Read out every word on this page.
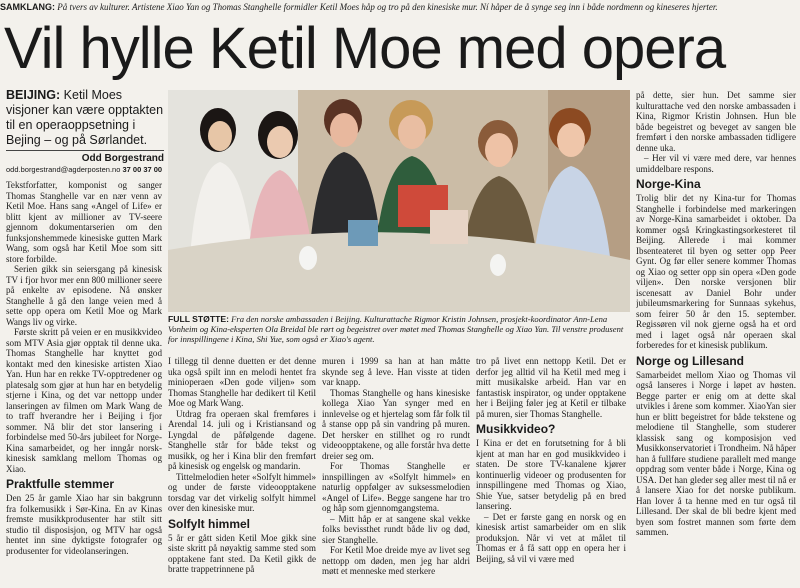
SAMKLANG: På tvers av kulturer. Artistene Xiao Yan og Thomas Stanghelle formidler Ketil Moes håp og tro på den kinesiske mur. Ní håper de å synge seg inn i både nordmenn og kineseres hjerter.
Vil hylle Ketil Moe med opera
BEIJING: Ketil Moes visjoner kan være opptakten til en operaoppsetning i Bejing – og på Sørlandet.
Odd Borgestrand
odd.borgestrand@agderposten.no 37 00 37 00

Tekstforfatter, komponist og sanger Thomas Stanghelle var en nær venn av Ketil Moe. Hans sang «Angel of Life» er blitt kjent av millioner av TV-seere gjennom dokumentarserien om den funksjonshemmede kinesiske gutten Mark Wang, som også har Ketil Moe som sitt store forbilde.

Serien gikk sin seiersgang på kinesisk TV i fjor hvor mer enn 800 millioner seere på enkelte av episodene. Nå ønsker Stanghelle å gå den lange veien med å sette opp opera om Ketil Moe og Mark Wangs liv og virke.

Første skritt på veien er en musikkvideo som MTV Asia gjør opptak til denne uka. Thomas Stanghelle har knyttet god kontakt med den kinesiske artisten Xiao Yan. Hun har en rekke TV-opptredener og platesalg som gjør at hun har en betydelig stjerne i Kina, og det var nettopp under lanseringen av filmen om Mark Wang de to traff hverandre her i Beijing i fjor sommer. Nå blir det stor lansering i forbindelse med 50-års jubileet for Norge-Kina samarbeidet, og her inngår norsk-kinesisk samklang mellom Thomas og Xiao.

Praktfulle stemmer

Den 25 år gamle Xiao har sin bakgrunn fra folkemusikk i Sør-Kina. En av Kinas fremste musikkprodusenter har stilt sitt studio til disposisjon, og MTV har også hentet inn sine dyktigste fotografer og produsenter for videolanseringen.

FULL STØTTE: Fra den norske ambassaden i Beijing. Kulturattache Rigmor Kristin Johnsen, prosjekt-koordinator Ann-Lena Vonheim og Kina-eksperten Ola Breidal ble rørt og begeistret over møtet med Thomas Stanghelle og Xiao Yan. Til venstre produsent for innspillingene i Kina, Shi Yue, som også er Xiao's agent.

I tillegg til denne duetten er det denne uka også spilt inn en melodi hentet fra minioperaen «Den gode viljen» som Thomas Stanghelle har dedikert til Ketil Moe og Mark Wang.

Utdrag fra operaen skal fremføres i Arendal 14. juli og i Kristiansand og Lyngdal de påfølgende dagene. Stanghelle står for både tekst og musikk, og her i Kina blir den fremført på kinesisk og engelsk og mandarin.

Tittelmelodien heter «Solfylt himmel» og under de første videoopptakene torsdag var det virkelig solfylt himmel over den kinesiske mur.

Solfylt himmel

5 år er gått siden Ketil Moe gikk sine siste skritt på nøyaktig samme sted som opptakene fant sted. Da Ketil gikk de bratte trappetrinnene på

muren i 1999 sa han at han måtte skynde seg å leve. Han visste at tiden var knapp.

Thomas Stanghelle og hans kinesiske kollega Xiao Yan synger med en innlevelse og et hjertelag som får folk til å stanse opp på sin vandring på muren. Det hersker en stillhet og ro rundt videoopptakene, og alle forstår hva dette dreier seg om.

For Thomas Stanghelle er innspillingen av «Solfylt himmel» en naturlig oppfølger av suksessmelodien «Angel of Life». Begge sangene har tro og håp som gjennomgangstema.

– Mitt håp er at sangene skal vekke folks bevissthet rundt både liv og død, sier Stanghelle.

For Ketil Moe dreide mye av livet seg nettopp om døden, men jeg har aldri møtt et menneske med sterkere

tro på livet enn nettopp Ketil. Det er derfor jeg alltid vil ha Ketil med meg i mitt musikalske arbeid. Han var en fantastisk inspirator, og under opptakene her i Beijing føler jeg at Ketil er tilbake på muren, sier Thomas Stanghelle.

Musikkvideo?

I Kina er det en forutsetning for å bli kjent at man har en god musikkvideo i staten. De store TV-kanalene kjører kontinuerlig videoer og produsenten for innspillingene med Thomas og Xiao, Shie Yue, satser betydelig på en bred lansering.

– Det er første gang en norsk og en kinesisk artist samarbeider om en slik produksjon. Når vi vet at målet til Thomas er å få satt opp en opera her i Beijing, så vil vi være med

på dette, sier hun. Det samme sier kulturattache ved den norske ambassaden i Kina, Rigmor Kristin Johnsen. Hun ble både begeistret og beveget av sangen ble fremført i den norske ambassaden tidligere denne uka.

– Her vil vi være med dere, var hennes umiddelbare respons.

Norge-Kina

Trolig blir det ny Kina-tur for Thomas Stanghelle i forbindelse med markeringen av Norge-Kina samarbeidet i oktober. Da kommer også Kringkastingsorkesteret til Beijing. Allerede i mai kommer Ibsenteateret til byen og setter opp Peer Gynt. Og før eller senere kommer Thomas og Xiao og setter opp sin opera «Den gode viljen». Den norske versjonen blir iscenesatt av Daniel Bohr under jubileumsmarkering for Sunnaas sykehus, som feirer 50 år den 15. september. Regissøren vil nok gjerne også ha et ord med i laget også når operaen skal forberedes for et kinesisk publikum.

Norge og Lillesand

Samarbeidet mellom Xiao og Thomas vil også lanseres i Norge i løpet av høsten. Begge parter er enig om at dette skal utvikles i årene som kommer. XiaoYan sier hun er blitt begeistret for både tekstene og melodiene til Stanghelle, som studerer klassisk sang og komposisjon ved Musikkonservatoriet i Trondheim. Nå håper han å fullføre studiene parallelt med mange oppdrag som venter både i Norge, Kina og USA. Det han gleder seg aller mest til nå er å lansere Xiao for det norske publikum. Han lover å ta henne med en tur også til Lillesand. Der skal de bli bedre kjent med byen som fostret mannen som førte dem sammen.
